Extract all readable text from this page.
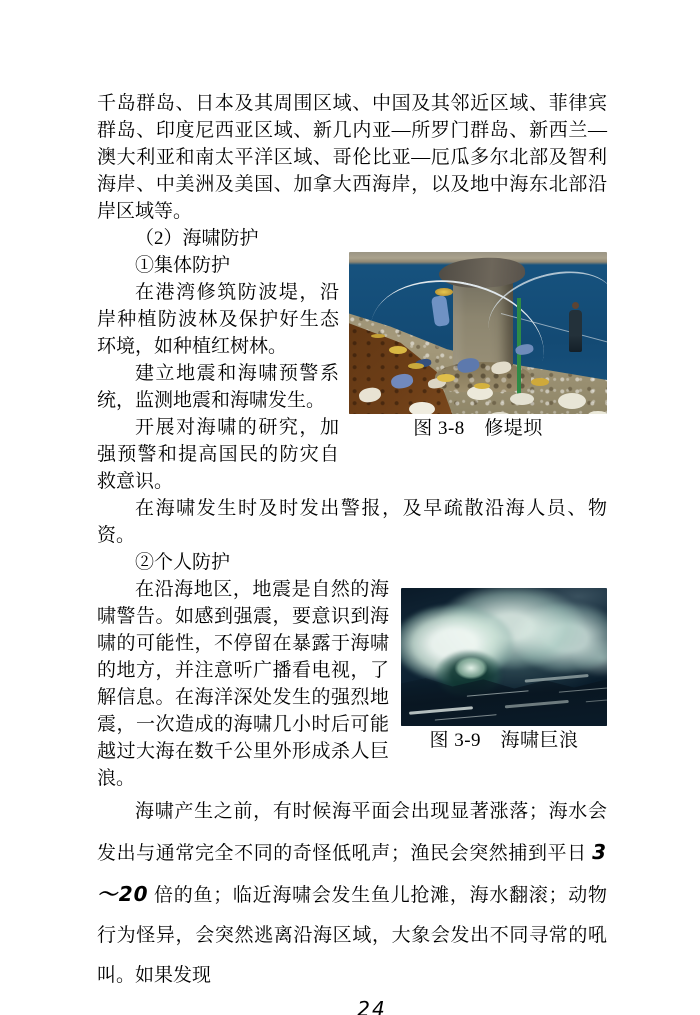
千岛群岛、日本及其周围区域、中国及其邻近区域、菲律宾群岛、印度尼西亚区域、新几内亚—所罗门群岛、新西兰—澳大利亚和南太平洋区域、哥伦比亚—厄瓜多尔北部及智利海岸、中美洲及美国、加拿大西海岸，以及地中海东北部沿岸区域等。

（2）海啸防护

图 3-8　修堤坝

①集体防护

在港湾修筑防波堤，沿岸种植防波林及保护好生态环境，如种植红树林。

建立地震和海啸预警系统，监测地震和海啸发生。

开展对海啸的研究，加强预警和提高国民的防灾自救意识。

在海啸发生时及时发出警报，及早疏散沿海人员、物资。

②个人防护

图 3-9　海啸巨浪

在沿海地区，地震是自然的海啸警告。如感到强震，要意识到海啸的可能性，不停留在暴露于海啸的地方，并注意听广播看电视，了解信息。在海洋深处发生的强烈地震，一次造成的海啸几小时后可能越过大海在数千公里外形成杀人巨浪。

海啸产生之前，有时候海平面会出现显著涨落；海水会发出与通常完全不同的奇怪低吼声；渔民会突然捕到平日 3～20 倍的鱼；临近海啸会发生鱼儿抢滩，海水翻滚；动物行为怪异，会突然逃离沿海区域，大象会发出不同寻常的吼叫。如果发现

24
